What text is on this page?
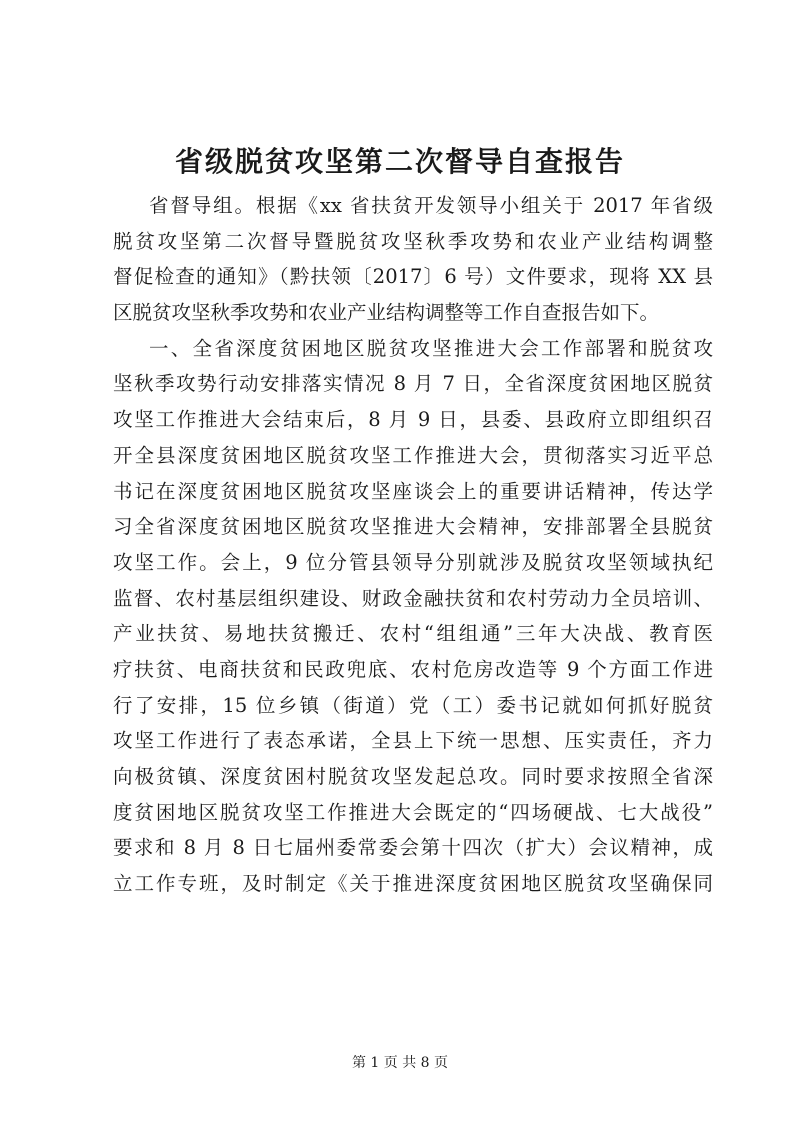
省级脱贫攻坚第二次督导自查报告
省督导组。根据《xx 省扶贫开发领导小组关于 2017 年省级
脱贫攻坚第二次督导暨脱贫攻坚秋季攻势和农业产业结构调整
督促检查的通知》（黔扶领〔2017〕6 号）文件要求，现将 XX 县
区脱贫攻坚秋季攻势和农业产业结构调整等工作自查报告如下。
一、全省深度贫困地区脱贫攻坚推进大会工作部署和脱贫攻
坚秋季攻势行动安排落实情况 8 月 7 日，全省深度贫困地区脱贫
攻坚工作推进大会结束后，8 月 9 日，县委、县政府立即组织召
开全县深度贫困地区脱贫攻坚工作推进大会，贯彻落实习近平总
书记在深度贫困地区脱贫攻坚座谈会上的重要讲话精神，传达学
习全省深度贫困地区脱贫攻坚推进大会精神，安排部署全县脱贫
攻坚工作。会上，9 位分管县领导分别就涉及脱贫攻坚领域执纪
监督、农村基层组织建设、财政金融扶贫和农村劳动力全员培训、
产业扶贫、易地扶贫搬迁、农村“组组通”三年大决战、教育医
疗扶贫、电商扶贫和民政兜底、农村危房改造等 9 个方面工作进
行了安排，15 位乡镇（街道）党（工）委书记就如何抓好脱贫
攻坚工作进行了表态承诺，全县上下统一思想、压实责任，齐力
向极贫镇、深度贫困村脱贫攻坚发起总攻。同时要求按照全省深
度贫困地区脱贫攻坚工作推进大会既定的“四场硬战、七大战役”
要求和 8 月 8 日七届州委常委会第十四次（扩大）会议精神，成
立工作专班，及时制定《关于推进深度贫困地区脱贫攻坚确保同
第 1 页 共 8 页
